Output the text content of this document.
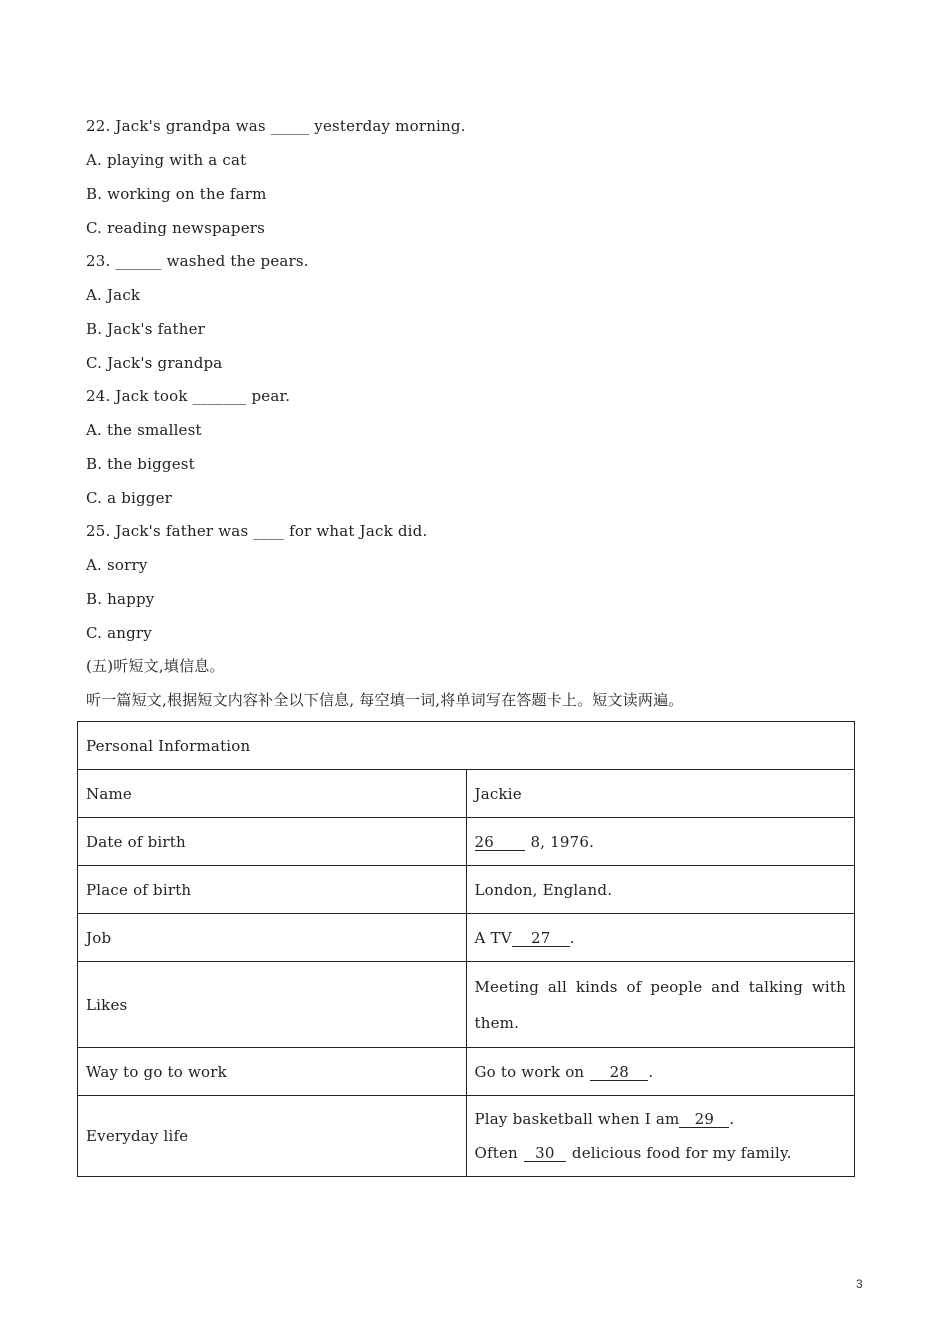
22. Jack's grandpa was _____ yesterday morning.
A. playing with a cat
B. working on the farm
C. reading newspapers
23. ______ washed the pears.
A. Jack
B. Jack's father
C. Jack's grandpa
24. Jack took _______ pear.
A. the smallest
B. the biggest
C. a bigger
25. Jack's father was ____ for what Jack did.
A. sorry
B. happy
C. angry
(五)听短文,填信息。
听一篇短文,根据短文内容补全以下信息, 每空填一词,将单词写在答题卡上。短文读两遍。
Personal Information	
Name	Jackie
Date of birth	26 8, 1976.
Place of birth	London, England.
Job	A TV 27 .
Likes	Meeting all kinds of people and talking with them.
Way to go to work	Go to work on 28 .
Everyday life	Play basketball when I am 29 .
Often 30 delicious food for my family.
3
